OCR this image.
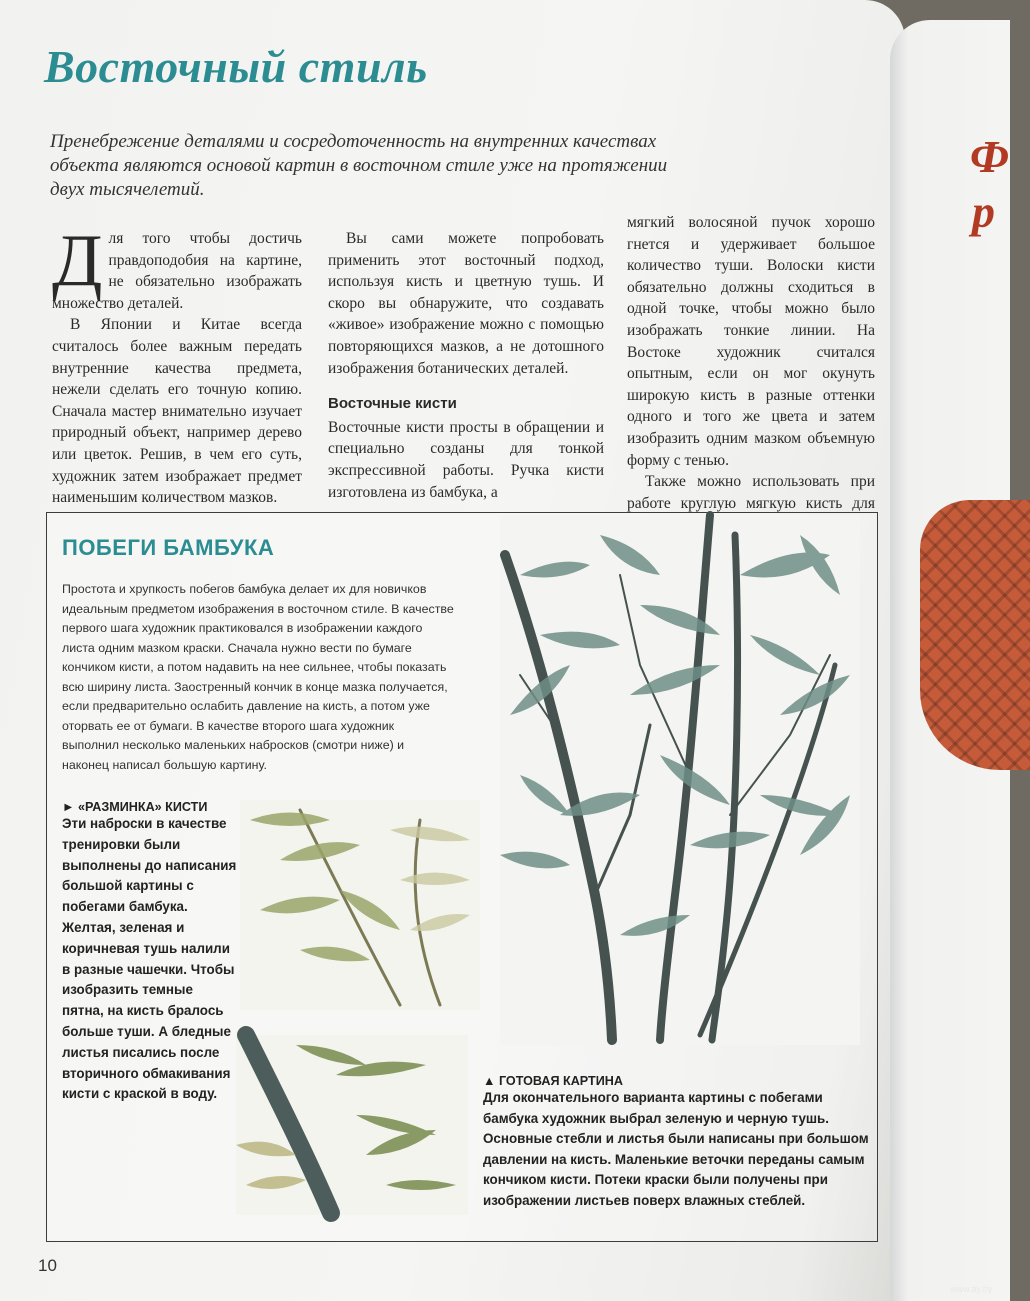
Восточный стиль

Пренебрежение деталями и сосредоточенность на внутренних качествах объекта являются основой картин в восточном стиле уже на протяжении двух тысячелетий.

Для того чтобы достичь правдоподобия на картине, не обязательно изображать множество деталей.

В Японии и Китае всегда считалось более важным передать внутренние качества предмета, нежели сделать его точную копию. Сначала мастер внимательно изучает природный объект, например дерево или цветок. Решив, в чем его суть, художник затем изображает предмет наименьшим количеством мазков.

Вы сами можете попробовать применить этот восточный подход, используя кисть и цветную тушь. И скоро вы обнаружите, что создавать «живое» изображение можно с помощью повторяющихся мазков, а не дотошного изображения ботанических деталей.

Восточные кисти

Восточные кисти просты в обращении и специально созданы для тонкой экспрессивной работы. Ручка кисти изготовлена из бамбука, а

мягкий волосяной пучок хорошо гнется и удерживает большое количество туши. Волоски кисти обязательно должны сходиться в одной точке, чтобы можно было изображать тонкие линии. На Востоке художник считался опытным, если он мог окунуть широкую кисть в разные оттенки одного и того же цвета и затем изобразить одним мазком объемную форму с тенью.

Также можно использовать при работе круглую мягкую кисть для

ПОБЕГИ БАМБУКА

Простота и хрупкость побегов бамбука делает их для новичков идеальным предметом изображения в восточном стиле. В качестве первого шага художник практиковался в изображении каждого листа одним мазком краски. Сначала нужно вести по бумаге кончиком кисти, а потом надавить на нее сильнее, чтобы показать всю ширину листа. Заостренный кончик в конце мазка получается, если предварительно ослабить давление на кисть, а потом уже оторвать ее от бумаги. В качестве второго шага художник выполнил несколько маленьких набросков (смотри ниже) и наконец написал большую картину.

► «РАЗМИНКА» КИСТИ

Эти наброски в качестве тренировки были выполнены до написания большой картины с побегами бамбука. Желтая, зеленая и коричневая тушь налили в разные чашечки. Чтобы изобразить темные пятна, на кисть бралось больше туши. А бледные листья писались после вторичного обмакивания кисти с краской в воду.

▲ ГОТОВАЯ КАРТИНА

Для окончательного варианта картины с побегами бамбука художник выбрал зеленую и черную тушь. Основные стебли и листья были написаны при большом давлении на кисть. Маленькие веточки переданы самым кончиком кисти. Потеки краски были получены при изображении листьев поверх влажных стеблей.

10
Ф
р
www.ay.by
